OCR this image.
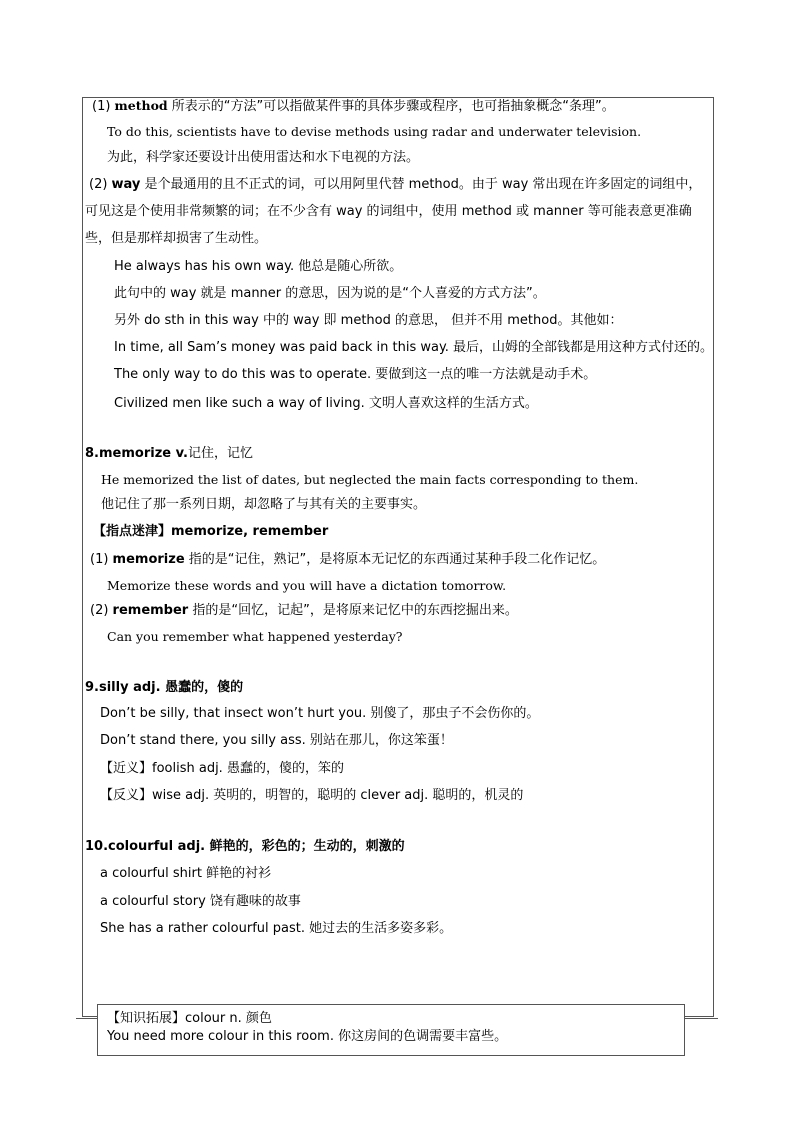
(1) method 所表示的“方法”可以指做某件事的具体步骤或程序，也可指抽象概念“条理”。
To do this, scientists have to devise methods using radar and underwater television.
为此，科学家还要设计出使用雷达和水下电视的方法。
(2) way 是个最通用的且不正式的词，可以用阿里代替 method。由于 way 常出现在许多固定的词组中，
可见这是个使用非常频繁的词；在不少含有 way 的词组中，使用 method 或 manner 等可能表意更准确
些，但是那样却损害了生动性。
He always has his own way. 他总是随心所欲。
此句中的 way 就是 manner 的意思，因为说的是“个人喜爱的方式方法”。
另外 do sth in this way 中的 way 即 method 的意思， 但并不用 method。其他如：
In time, all Sam’s money was paid back in this way. 最后，山姆的全部钱都是用这种方式付还的。
The only way to do this was to operate. 要做到这一点的唯一方法就是动手术。
Civilized men like such a way of living. 文明人喜欢这样的生活方式。
8.memorize v.记住，记忆
He memorized the list of dates, but neglected the main facts corresponding to them.
他记住了那一系列日期，却忽略了与其有关的主要事实。
【指点迷津】memorize, remember
(1) memorize 指的是“记住，熟记”，是将原本无记忆的东西通过某种手段二化作记忆。
Memorize these words and you will have a dictation tomorrow.
(2) remember 指的是“回忆，记起”，是将原来记忆中的东西挖掘出来。
Can you remember what happened yesterday?
9.silly adj. 愚蠢的，傻的
Don’t be silly, that insect won’t hurt you. 别傻了，那虫子不会伤你的。
Don’t stand there, you silly ass. 别站在那儿，你这笨蛋！
【近义】foolish adj. 愚蠢的，傻的，笨的
【反义】wise adj. 英明的，明智的，聪明的 clever adj. 聪明的，机灵的
10.colourful adj. 鲜艳的，彩色的；生动的，刺激的
a colourful shirt 鲜艳的衬衫
a colourful story 饶有趣味的故事
She has a rather colourful past. 她过去的生活多姿多彩。
【知识拓展】colour n. 颜色
You need more colour in this room. 你这房间的色调需要丰富些。
